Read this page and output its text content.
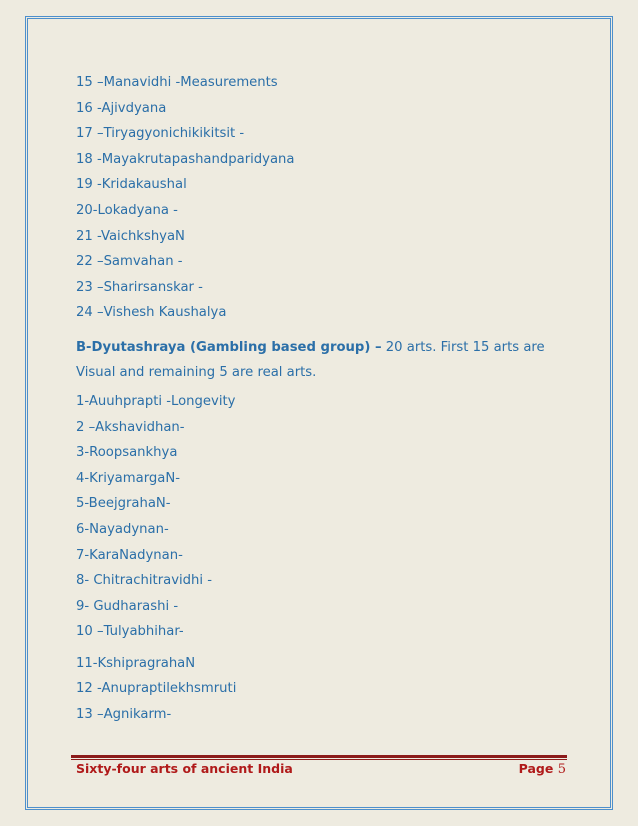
15 –Manavidhi -Measurements
16 -Ajivdyana
17 –Tiryagyonichikikitsit -
18 -Mayakrutapashandparidyana
19 -Kridakaushal
20-Lokadyana -
21 -VaichkshyaN
22 –Samvahan -
23 –Sharirsanskar -
24 –Vishesh Kaushalya
B-Dyutashraya (Gambling based group) – 20 arts. First 15 arts are Visual and remaining 5 are real arts.
1-Auuhprapti -Longevity
2 –Akshavidhan-
3-Roopsankhya
4-KriyamargaN-
5-BeejgrahaN-
6-Nayadynan-
7-KaraNadynan-
8- Chitrachitravidhi -
9- Gudharashi -
10 –Tulyabhihar-
11-KshipragrahaN
12 -Anupraptilekhsmruti
13 –Agnikarm-
Sixty-four arts of ancient India	Page 5
